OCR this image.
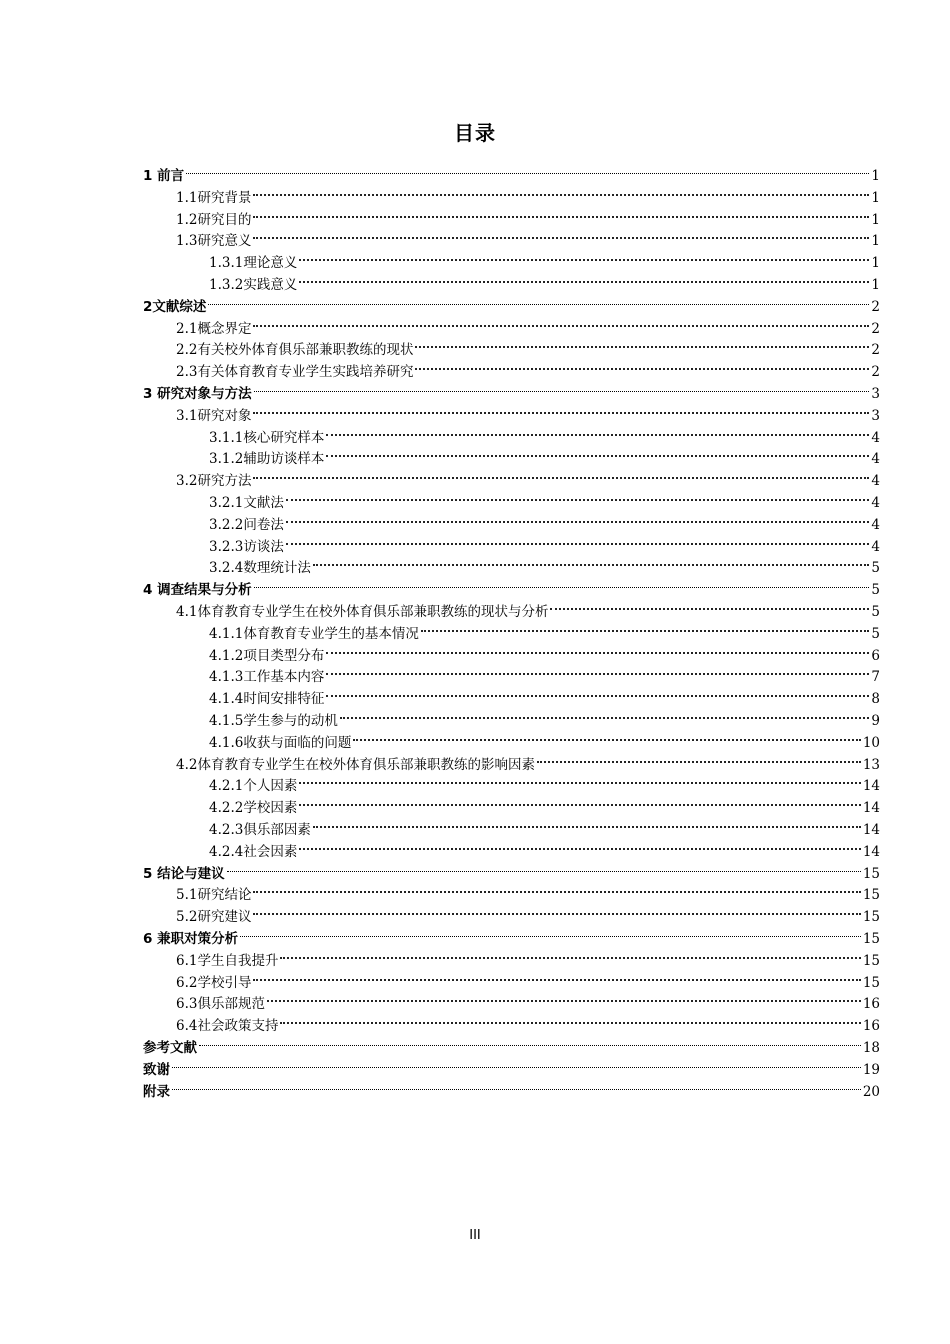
目录
1 前言	1
1.1研究背景	1
1.2研究目的	1
1.3研究意义	1
1.3.1理论意义	1
1.3.2实践意义	1
2文献综述	2
2.1概念界定	2
2.2有关校外体育俱乐部兼职教练的现状	2
2.3有关体育教育专业学生实践培养研究	2
3 研究对象与方法	3
3.1研究对象	3
3.1.1核心研究样本	4
3.1.2辅助访谈样本	4
3.2研究方法	4
3.2.1文献法	4
3.2.2问卷法	4
3.2.3访谈法	4
3.2.4数理统计法	5
4 调查结果与分析	5
4.1体育教育专业学生在校外体育俱乐部兼职教练的现状与分析	5
4.1.1体育教育专业学生的基本情况	5
4.1.2项目类型分布	6
4.1.3工作基本内容	7
4.1.4时间安排特征	8
4.1.5学生参与的动机	9
4.1.6收获与面临的问题	10
4.2体育教育专业学生在校外体育俱乐部兼职教练的影响因素	13
4.2.1个人因素	14
4.2.2学校因素	14
4.2.3俱乐部因素	14
4.2.4社会因素	14
5 结论与建议	15
5.1研究结论	15
5.2研究建议	15
6 兼职对策分析	15
6.1学生自我提升	15
6.2学校引导	15
6.3俱乐部规范	16
6.4社会政策支持	16
参考文献	18
致谢	19
附录	20
III
